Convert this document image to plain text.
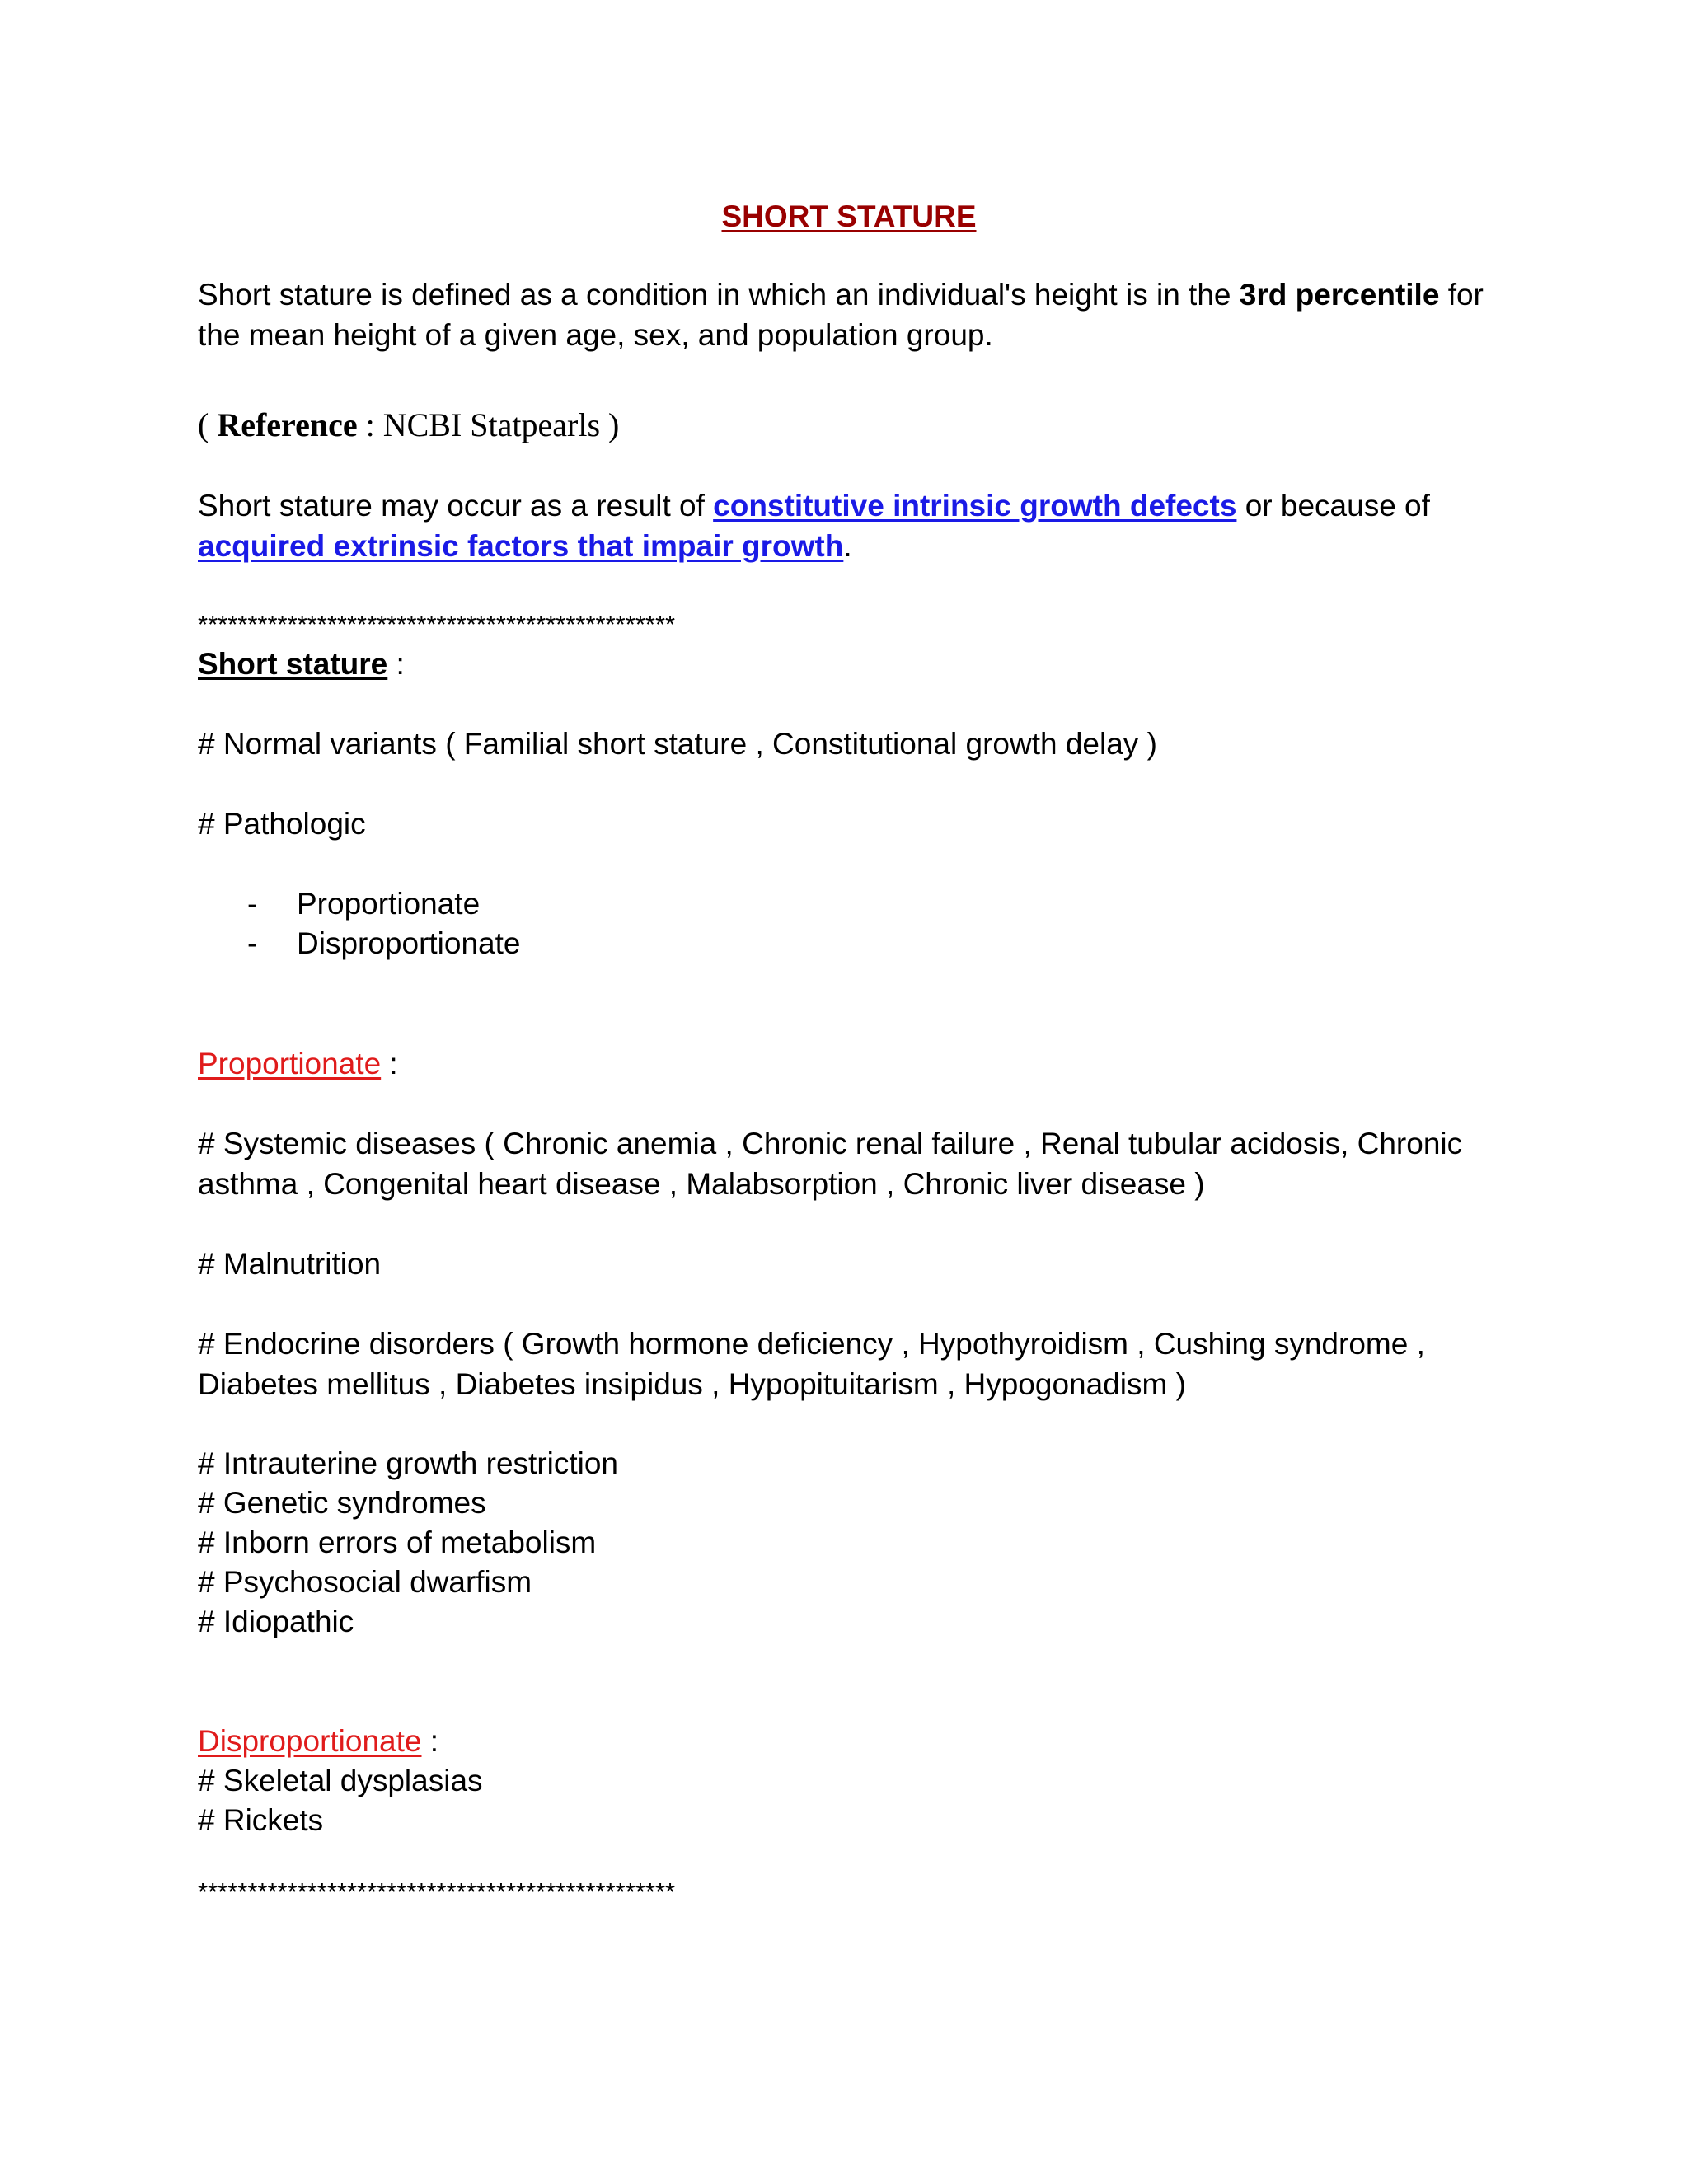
SHORT STATURE
Short stature is defined as a condition in which an individual's height is in the 3rd percentile for the mean height of a given age, sex, and population group.
( Reference : NCBI Statpearls )
Short stature may occur as a result of constitutive intrinsic growth defects or because of acquired extrinsic factors that impair growth.
************************************************
Short stature :
# Normal variants ( Familial short stature , Constitutional growth delay )
# Pathologic
- Proportionate
- Disproportionate
Proportionate :
# Systemic diseases ( Chronic anemia , Chronic renal failure , Renal tubular acidosis, Chronic asthma , Congenital heart disease , Malabsorption , Chronic liver disease )
# Malnutrition
# Endocrine disorders ( Growth hormone deficiency , Hypothyroidism , Cushing syndrome , Diabetes mellitus , Diabetes insipidus , Hypopituitarism , Hypogonadism )
# Intrauterine growth restriction
# Genetic syndromes
# Inborn errors of metabolism
# Psychosocial dwarfism
# Idiopathic
Disproportionate :
# Skeletal dysplasias
# Rickets
************************************************
